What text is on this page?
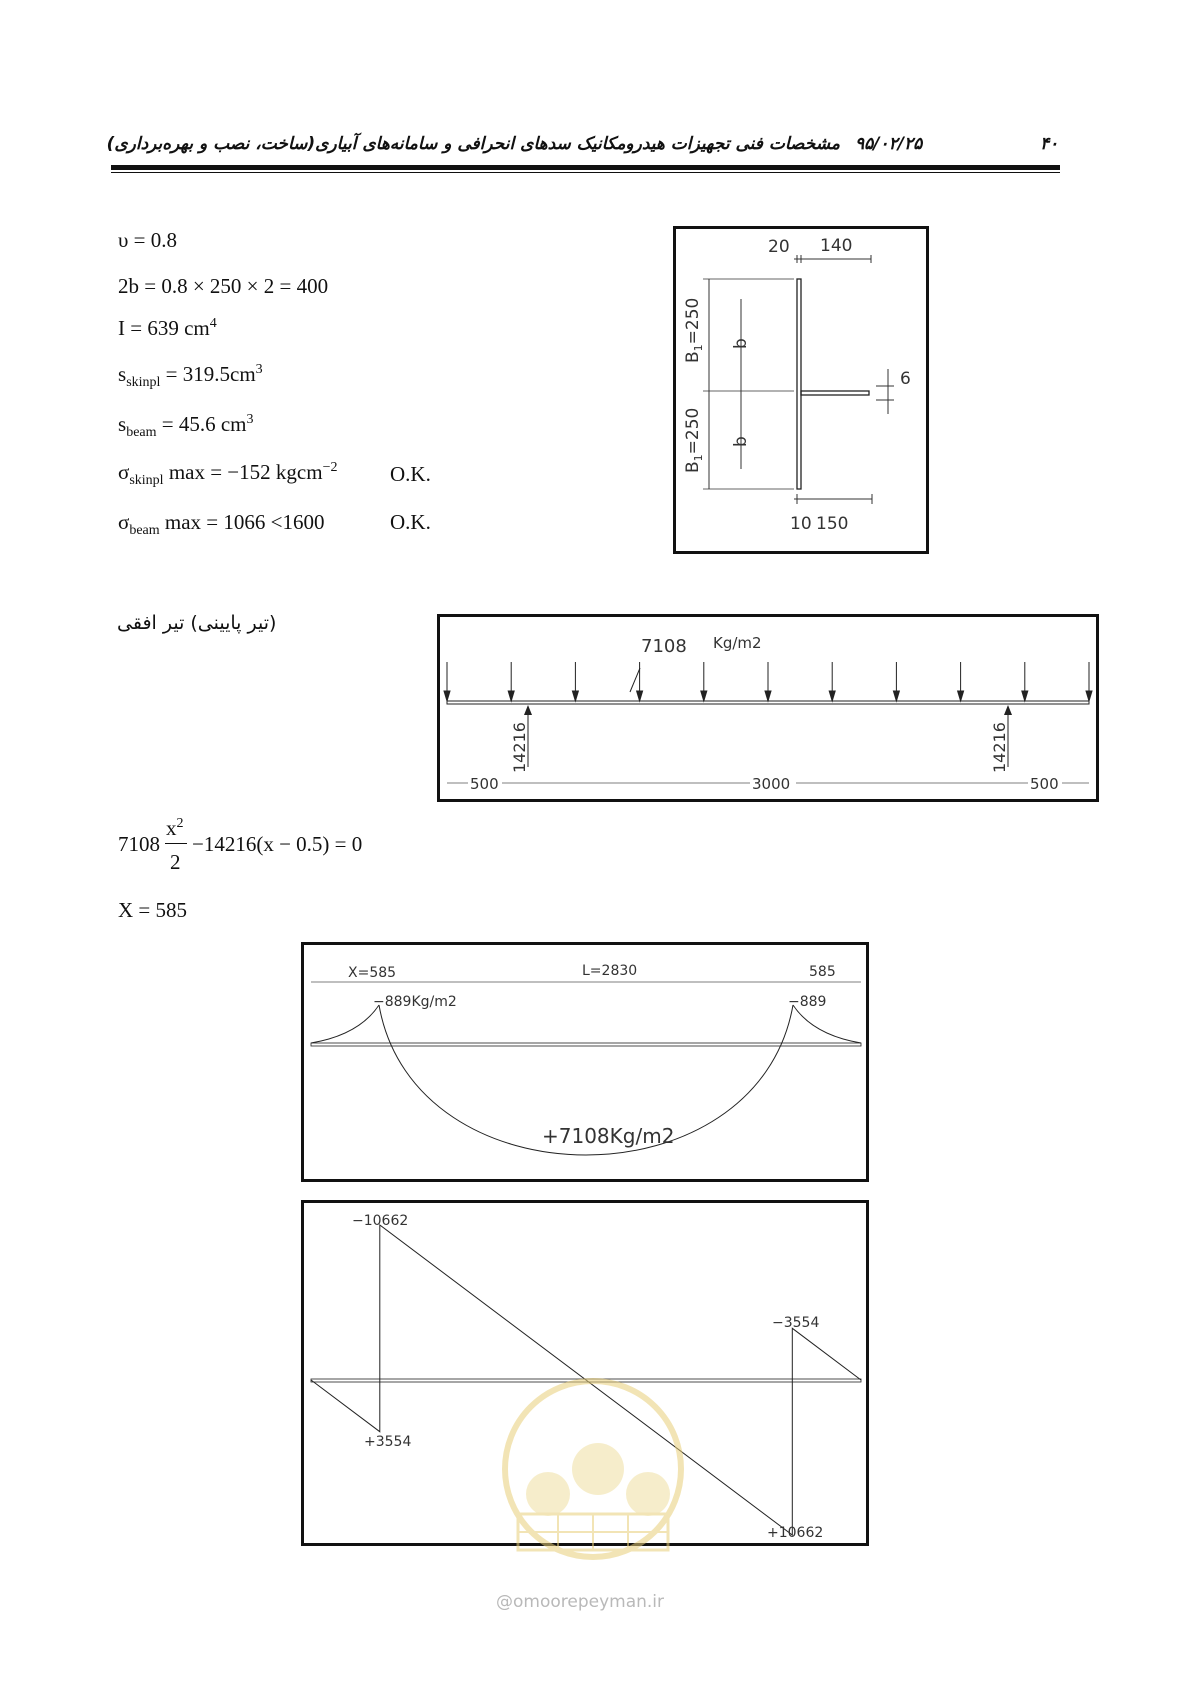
۴۰
۹۵/۰۲/۲۵
مشخصات فنی تجهیزات هیدرومکانیک سدهای انحرافی و سامانه‌های آبیاری(ساخت، نصب و بهره‌برداری)
υ = 0.8
2b = 0.8 × 250 × 2 = 400
I = 639 $cm^4$
$s_{skinpl} = 319.5cm^3$
$s_{beam} = 45.6$ $cm^3$
$\sigma_{skinpl}$ max = −152 kgcm$^{-2}$	O.K.
$\sigma_{beam}$ max = 1066 <1600	O.K.
20 140
6
10 150
$B_1=250$
$B_1=250$
b
b
(تیر پایینی) تیر افقی
7108 Kg/m2
14216	14216
500	3000	500
7108
$x^2$
2
−14216(x − 0.5) = 0
X = 585
X=585	L=2830	585
−889Kg/m2	−889
+7108Kg/m2
−10662
+3554
−3554
+10662
@omoorepeyman.ir
